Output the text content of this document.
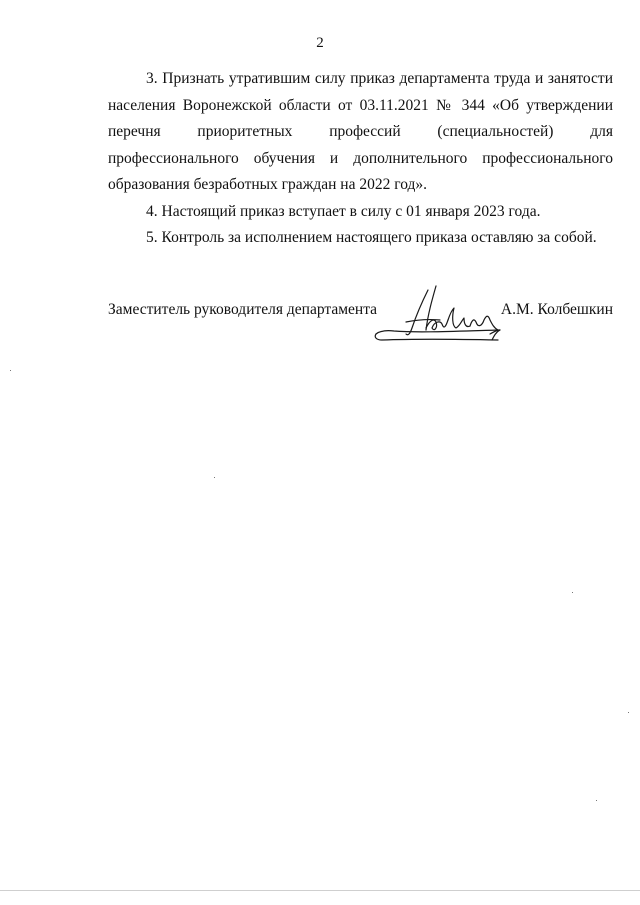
2

3. Признать утратившим силу приказ департамента труда и занятости населения Воронежской области от 03.11.2021 № 344 «Об утверждении перечня приоритетных профессий (специальностей) для профессионального обучения и дополнительного профессионального образования безработных граждан на 2022 год».

4. Настоящий приказ вступает в силу с 01 января 2023 года.

5. Контроль за исполнением настоящего приказа оставляю за собой.

Заместитель руководителя департамента	А.М. Колбешкин
